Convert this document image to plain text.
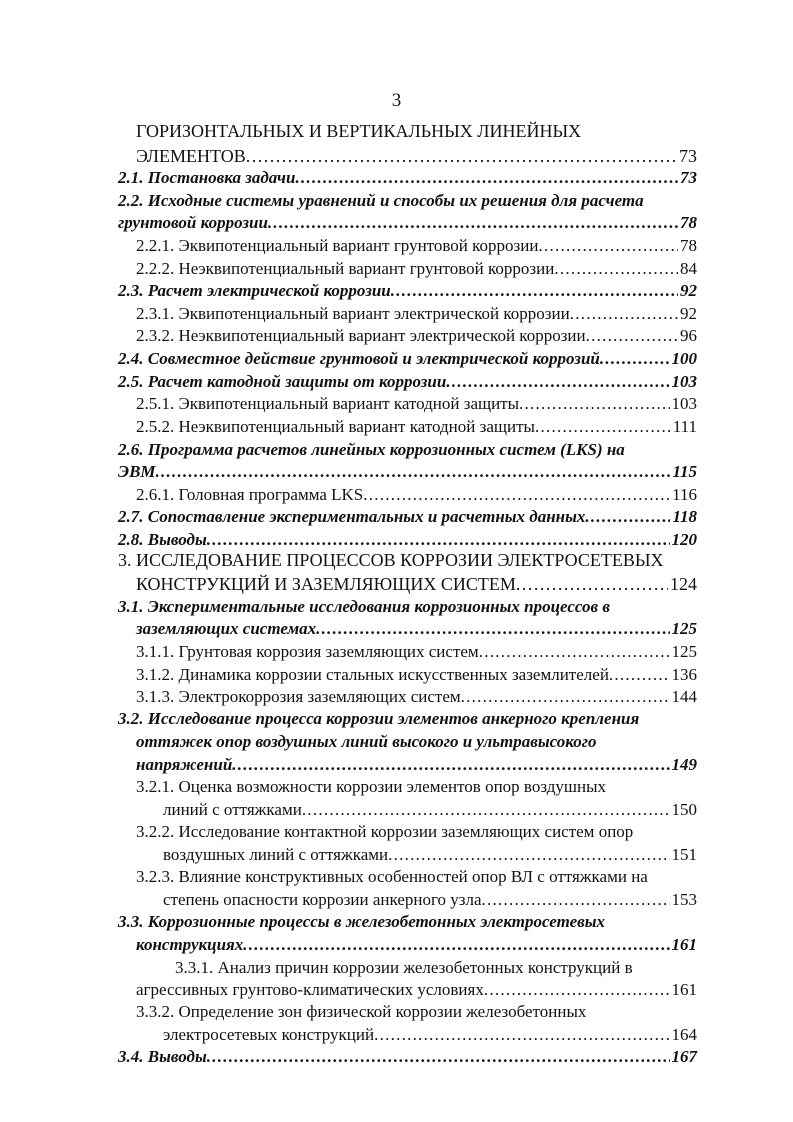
3
ГОРИЗОНТАЛЬНЫХ И ВЕРТИКАЛЬНЫХ ЛИНЕЙНЫХ
ЭЛЕМЕНТОВ . . .	73
2.1. Постановка задачи . . .	73
2.2. Исходные системы уравнений и способы их решения для расчета
грунтовой коррозии . . .	78
2.2.1. Эквипотенциальный вариант грунтовой коррозии . . .	78
2.2.2. Неэквипотенциальный вариант грунтовой коррозии . . .	84
2.3. Расчет электрической коррозии . . .	92
2.3.1. Эквипотенциальный вариант электрической коррозии . . .	92
2.3.2. Неэквипотенциальный вариант электрической коррозии . . .	96
2.4. Совместное действие грунтовой и электрической коррозий . . .	100
2.5. Расчет катодной защиты от коррозии . . .	103
2.5.1. Эквипотенциальный вариант катодной защиты . . .	103
2.5.2. Неэквипотенциальный вариант катодной защиты . . .	111
2.6. Программа расчетов линейных коррозионных систем (LKS) на
ЭВМ . . .	115
2.6.1. Головная программа LKS . . .	116
2.7. Сопоставление экспериментальных и расчетных данных . . .	118
2.8. Выводы . . .	120
3. ИССЛЕДОВАНИЕ ПРОЦЕССОВ КОРРОЗИИ ЭЛЕКТРОСЕТЕВЫХ
КОНСТРУКЦИЙ И ЗАЗЕМЛЯЮЩИХ СИСТЕМ . . .	124
3.1. Экспериментальные исследования коррозионных процессов в
заземляющих системах . . .	125
3.1.1. Грунтовая коррозия заземляющих систем . . .	125
3.1.2. Динамика коррозии стальных искусственных заземлителей . . .	136
3.1.3. Электрокоррозия заземляющих систем . . .	144
3.2. Исследование процесса коррозии элементов анкерного крепления
оттяжек опор воздушных линий высокого и ультравысокого
напряжений . . .	149
3.2.1. Оценка возможности коррозии элементов опор воздушных
линий с оттяжками . . .	150
3.2.2. Исследование контактной коррозии заземляющих систем опор
воздушных линий с оттяжками . . .	151
3.2.3. Влияние конструктивных особенностей опор ВЛ с оттяжками на
степень опасности коррозии анкерного узла . . .	153
3.3. Коррозионные процессы в железобетонных электросетевых
конструкциях . . .	161
3.3.1. Анализ причин коррозии железобетонных конструкций в
агрессивных грунтово-климатических условиях . . .	161
3.3.2. Определение зон физической коррозии железобетонных
электросетевых конструкций . . .	164
3.4. Выводы . . .	167
